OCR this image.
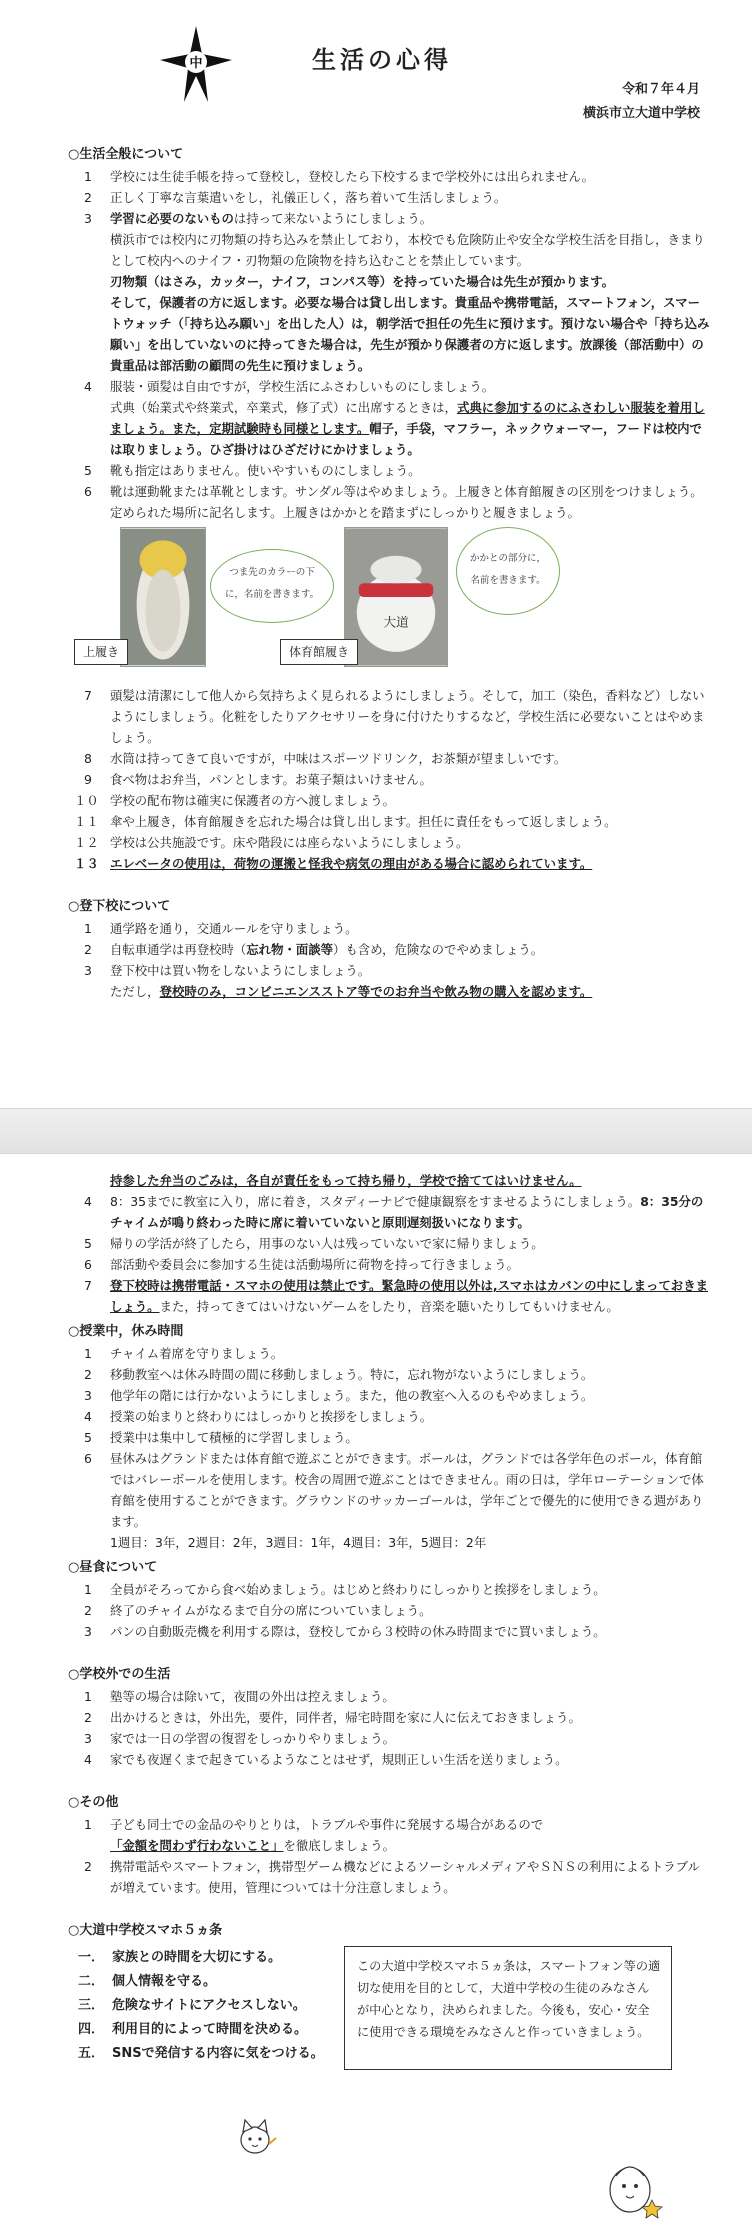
中	生活の心得
令和７年４月
横浜市立大道中学校
○生活全般について
1	学校には生徒手帳を持って登校し，登校したら下校するまで学校外には出られません。
2	正しく丁寧な言葉遣いをし，礼儀正しく，落ち着いて生活しましょう。
3	学習に必要のないものは持って来ないようにしましょう。
横浜市では校内に刃物類の持ち込みを禁止しており，本校でも危険防止や安全な学校生活を目指し，きまりとして校内へのナイフ・刃物類の危険物を持ち込むことを禁止しています。
刃物類（はさみ，カッター，ナイフ，コンパス等）を持っていた場合は先生が預かります。
そして，保護者の方に返します。必要な場合は貸し出します。貴重品や携帯電話，スマートフォン，スマートウォッチ（「持ち込み願い」を出した人）は，朝学活で担任の先生に預けます。預けない場合や「持ち込み願い」を出していないのに持ってきた場合は，先生が預かり保護者の方に返します。放課後（部活動中）の貴重品は部活動の顧問の先生に預けましょう。
4	服装・頭髪は自由ですが，学校生活にふさわしいものにしましょう。
式典（始業式や終業式，卒業式，修了式）に出席するときは，式典に参加するのにふさわしい服装を着用しましょう。また，定期試験時も同様とします。帽子，手袋，マフラー，ネックウォーマー，フードは校内では取りましょう。ひざ掛けはひざだけにかけましょう。
5	靴も指定はありません。使いやすいものにしましょう。
6	靴は運動靴または革靴とします。サンダル等はやめましょう。上履きと体育館履きの区別をつけましょう。定められた場所に記名します。上履きはかかとを踏まずにしっかりと履きましょう。
つま先のカラーの下
に，名前を書きます。
大道
かかとの部分に，
名前を書きます。
上履き	体育館履き
7	頭髪は清潔にして他人から気持ちよく見られるようにしましょう。そして，加工（染色，香料など）しないようにしましょう。化粧をしたりアクセサリーを身に付けたりするなど，学校生活に必要ないことはやめましょう。
8	水筒は持ってきて良いですが，中味はスポーツドリンク，お茶類が望ましいです。
9	食べ物はお弁当，パンとします。お菓子類はいけません。
１０ 学校の配布物は確実に保護者の方へ渡しましょう。
１１ 傘や上履き，体育館履きを忘れた場合は貸し出します。担任に責任をもって返しましょう。
１２ 学校は公共施設です。床や階段には座らないようにしましょう。
１３ エレベータの使用は，荷物の運搬と怪我や病気の理由がある場合に認められています。
○登下校について
1	通学路を通り，交通ルールを守りましょう。
2	自転車通学は再登校時（忘れ物・面談等）も含め，危険なのでやめましょう。
3	登下校中は買い物をしないようにしましょう。
ただし，登校時のみ，コンビニエンスストア等でのお弁当や飲み物の購入を認めます。
持参した弁当のごみは，各自が責任をもって持ち帰り，学校で捨ててはいけません。
4	8：35までに教室に入り，席に着き，スタディーナビで健康観察をすませるようにしましょう。8：35分のチャイムが鳴り終わった時に席に着いていないと原則遅刻扱いになります。
5	帰りの学活が終了したら，用事のない人は残っていないで家に帰りましょう。
6	部活動や委員会に参加する生徒は活動場所に荷物を持って行きましょう。
7	登下校時は携帯電話・スマホの使用は禁止です。緊急時の使用以外は,スマホはカバンの中にしまっておきましょう。また，持ってきてはいけないゲームをしたり，音楽を聴いたりしてもいけません。
○授業中，休み時間
1	チャイム着席を守りましょう。
2	移動教室へは休み時間の間に移動しましょう。特に，忘れ物がないようにしましょう。
3	他学年の階には行かないようにしましょう。また，他の教室へ入るのもやめましょう。
4	授業の始まりと終わりにはしっかりと挨拶をしましょう。
5	授業中は集中して積極的に学習しましょう。
6	昼休みはグランドまたは体育館で遊ぶことができます。ボールは，グランドでは各学年色のボール，体育館ではバレーボールを使用します。校舎の周囲で遊ぶことはできません。雨の日は，学年ローテーションで体育館を使用することができます。グラウンドのサッカーゴールは，学年ごとで優先的に使用できる週があります。
1週目：3年，2週目：2年，3週目：1年，4週目：3年，5週目：2年
○昼食について
1	全員がそろってから食べ始めましょう。はじめと終わりにしっかりと挨拶をしましょう。
2	終了のチャイムがなるまで自分の席についていましょう。
3	パンの自動販売機を利用する際は，登校してから３校時の休み時間までに買いましょう。
○学校外での生活
1	塾等の場合は除いて，夜間の外出は控えましょう。
2	出かけるときは，外出先，要件，同伴者，帰宅時間を家に人に伝えておきましょう。
3	家では一日の学習の復習をしっかりやりましょう。
4	家でも夜遅くまで起きているようなことはせず，規則正しい生活を送りましょう。
○その他
1	子ども同士での金品のやりとりは，トラブルや事件に発展する場合があるので
「金額を問わず行わないこと」を徹底しましょう。
2	携帯電話やスマートフォン，携帯型ゲーム機などによるソーシャルメディアやＳＮＳの利用によるトラブルが増えています。使用，管理については十分注意しましょう。
○大道中学校スマホ５ヵ条
一． 家族との時間を大切にする。
二． 個人情報を守る。
三． 危険なサイトにアクセスしない。
四． 利用目的によって時間を決める。
五． SNSで発信する内容に気をつける。
この大道中学校スマホ５ヵ条は，スマートフォン等の適切な使用を目的として，大道中学校の生徒のみなさんが中心となり，決められました。今後も，安心・安全に使用できる環境をみなさんと作っていきましょう。
